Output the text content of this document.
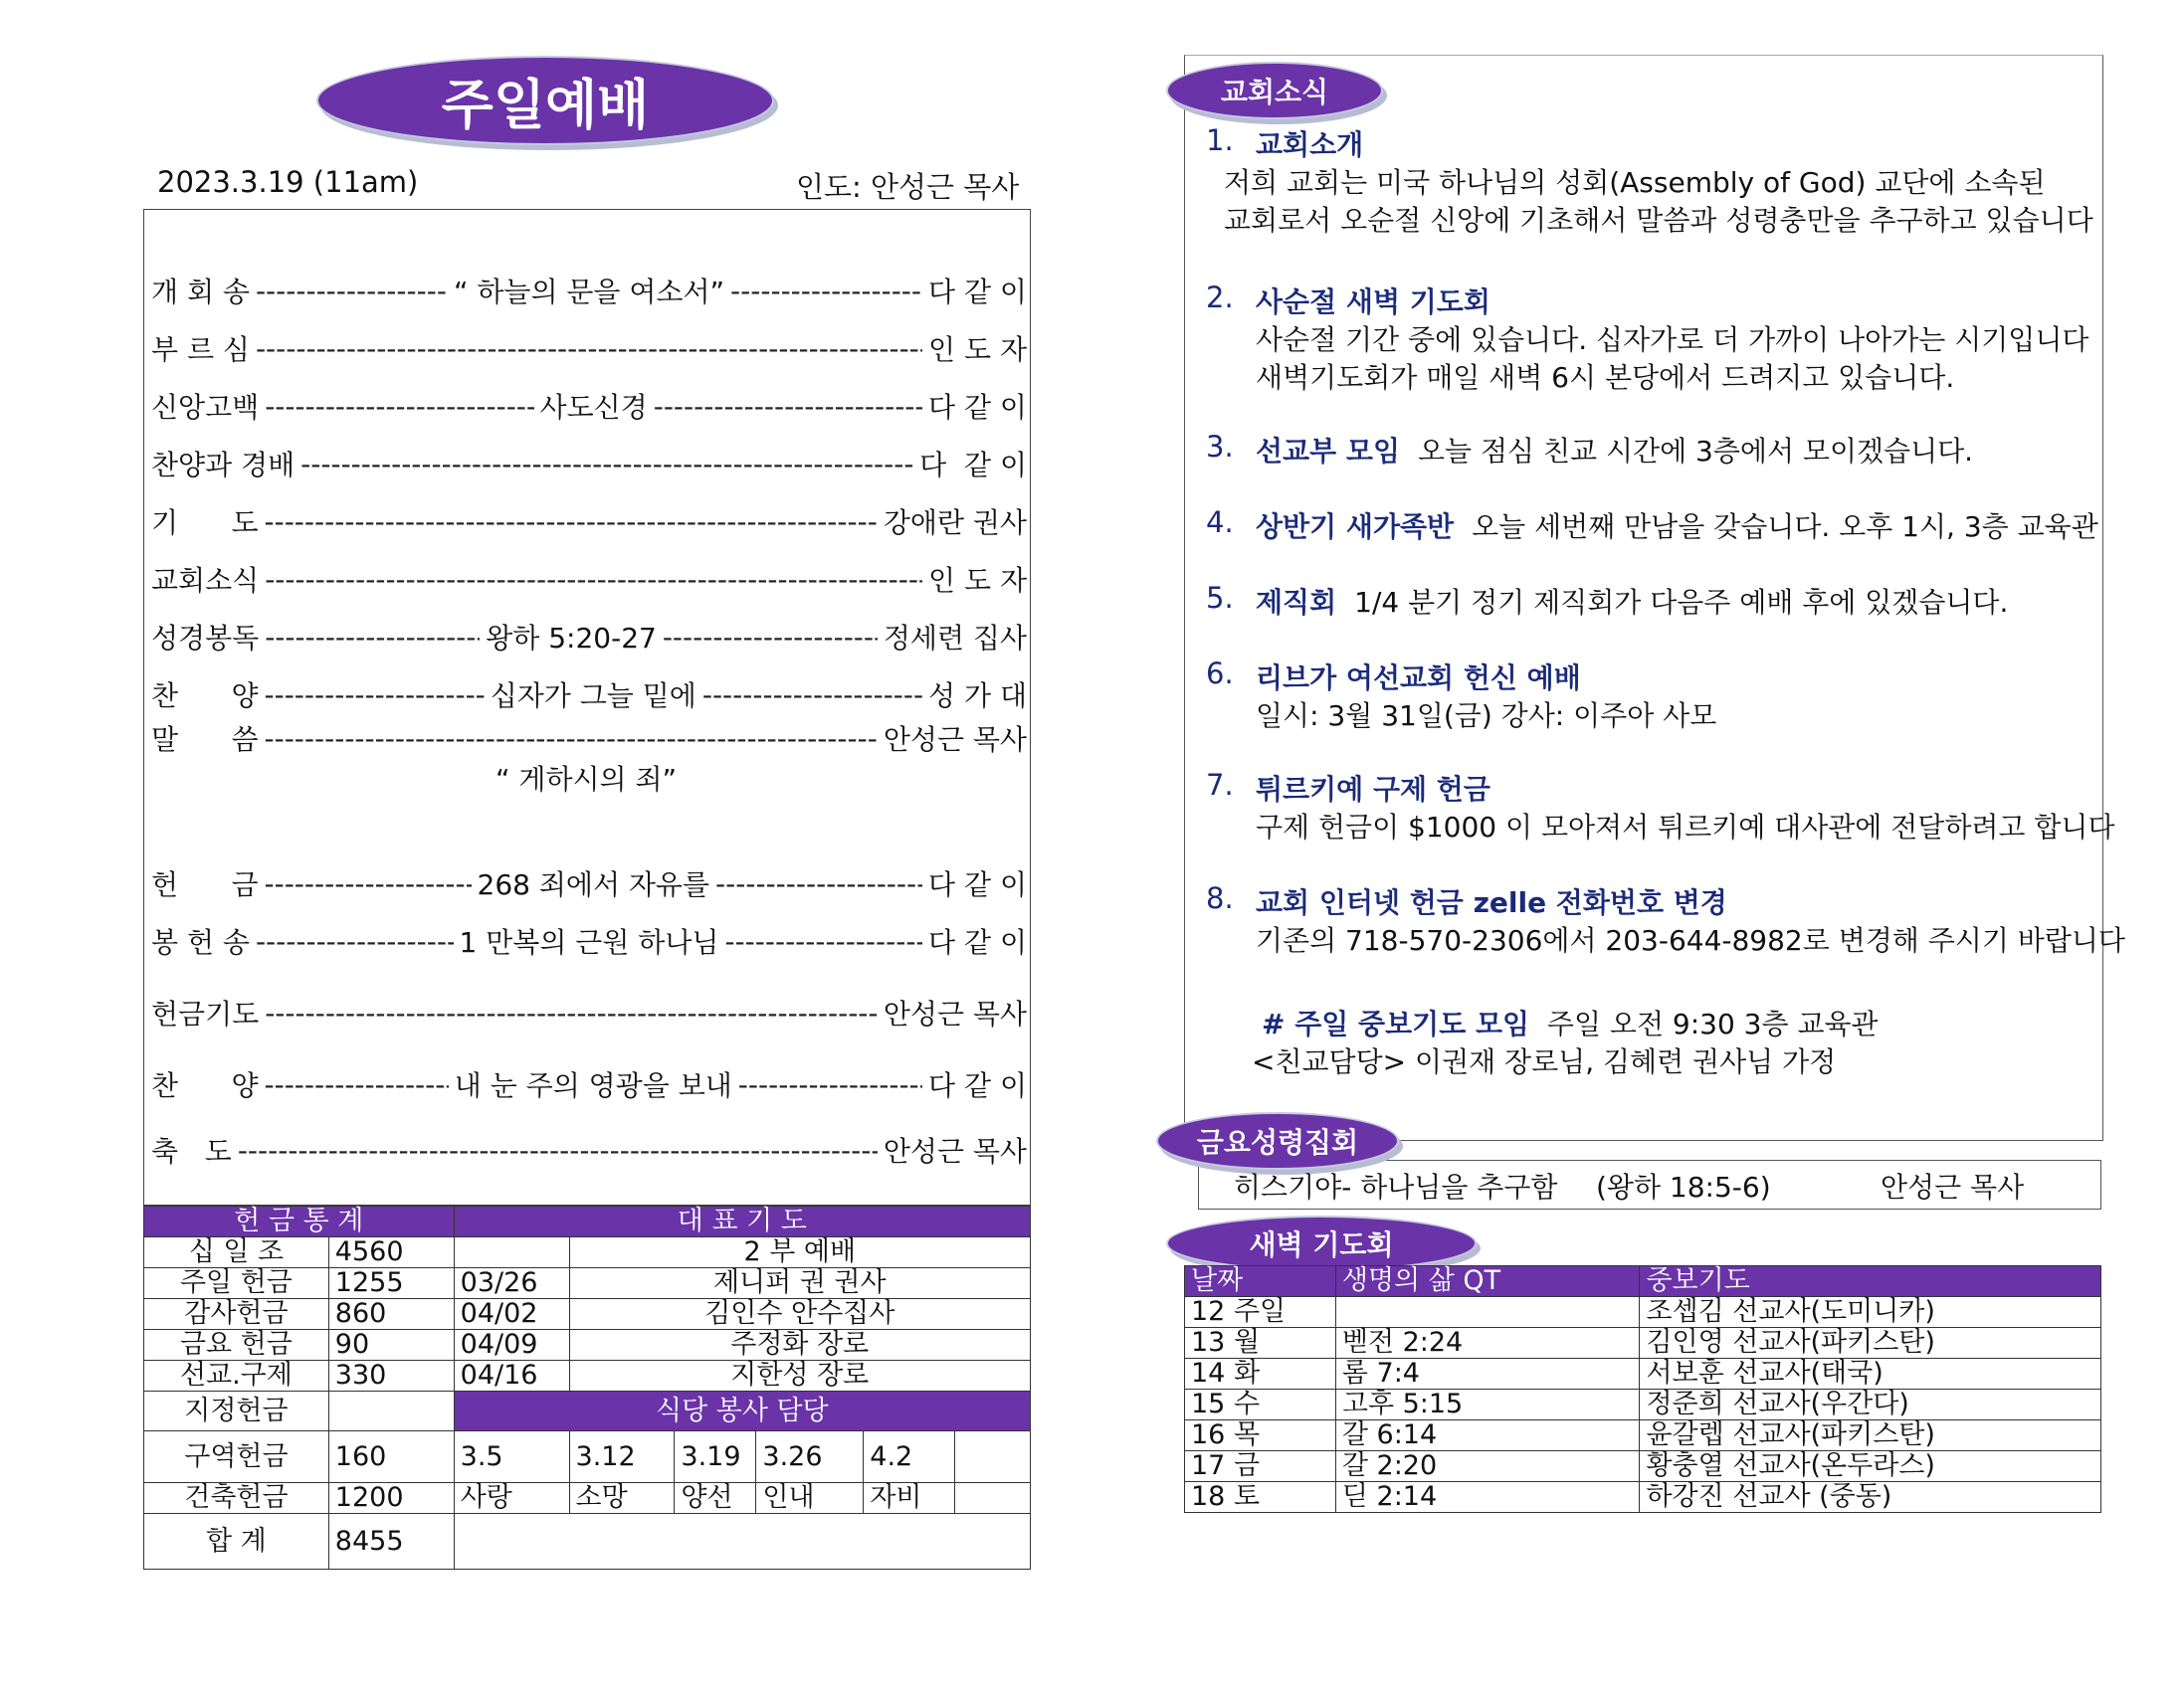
주일예배
2023.3.19 (11am)	인도: 안성근 목사
개 회 송 -----	“ 하늘의 문을 여소서” -----	다 같 이
부 르 심 -----	인 도 자
신앙고백 -----	사도신경 -----	다 같 이
찬양과 경배 -----	다  같 이
기      도 -----	강애란 권사
교회소식 -----	인 도 자
성경봉독 -----	왕하 5:20-27 -----	정세련 집사
찬      양 -----	십자가 그늘 밑에 -----	성 가 대
말      씀 -----	안성근 목사
헌      금 -----	268 죄에서 자유를 -----	다 같 이
봉 헌 송 -----	1 만복의 근원 하나님 -----	다 같 이
헌금기도 -----	안성근 목사
찬      양 -----	내 눈 주의 영광을 보내 -----	다 같 이
축   도 -----	안성근 목사
“ 게하시의 죄”
헌 금 통 계		대 표 기 도					
십 일 조	4560		2 부 예배				
주일 헌금	1255	03/26	제니퍼 권 권사				
감사헌금	860	04/02	김인수 안수집사				
금요 헌금	90	04/09	주정화 장로				
선교.구제	330	04/16	지한성 장로				
지정헌금		식당 봉사 담당					
구역헌금	160	3.5	3.12	3.19	3.26	4.2	
건축헌금	1200	사랑	소망	양선	인내	자비	
합 계	8455						
교회소식
1. 교회소개
저희 교회는 미국 하나님의 성회(Assembly of God) 교단에 소속된
교회로서 오순절 신앙에 기초해서 말씀과 성령충만을 추구하고 있습니다
2. 사순절 새벽 기도회
사순절 기간 중에 있습니다. 십자가로 더 가까이 나아가는 시기입니다
새벽기도회가 매일 새벽 6시 본당에서 드려지고 있습니다.
3. 선교부 모임 오늘 점심 친교 시간에 3층에서 모이겠습니다.
4. 상반기 새가족반 오늘 세번째 만남을 갖습니다. 오후 1시, 3층 교육관
5. 제직회 1/4 분기 정기 제직회가 다음주 예배 후에 있겠습니다.
6. 리브가 여선교회 헌신 예배
일시: 3월 31일(금) 강사: 이주아 사모
7. 튀르키예 구제 헌금
구제 헌금이 $1000 이 모아져서 튀르키예 대사관에 전달하려고 합니다
8. 교회 인터넷 헌금 zelle 전화번호 변경
기존의 718-570-2306에서 203-644-8982로 변경해 주시기 바랍니다
# 주일 중보기도 모임 주일 오전 9:30 3층 교육관
<친교담당> 이권재 장로님, 김혜련 권사님 가정
금요성령집회
히스기야- 하나님을 추구함 (왕하 18:5-6)	안성근 목사
새벽 기도회
날짜	생명의 삶 QT	중보기도
12 주일		조셉김 선교사(도미니카)
13 월	벧전 2:24	김인영 선교사(파키스탄)
14 화	롬 7:4	서보훈 선교사(태국)
15 수	고후 5:15	정준희 선교사(우간다)
16 목	갈 6:14	윤갈렙 선교사(파키스탄)
17 금	갈 2:20	황충열 선교사(온두라스)
18 토	딛 2:14	하강진 선교사 (중동)
